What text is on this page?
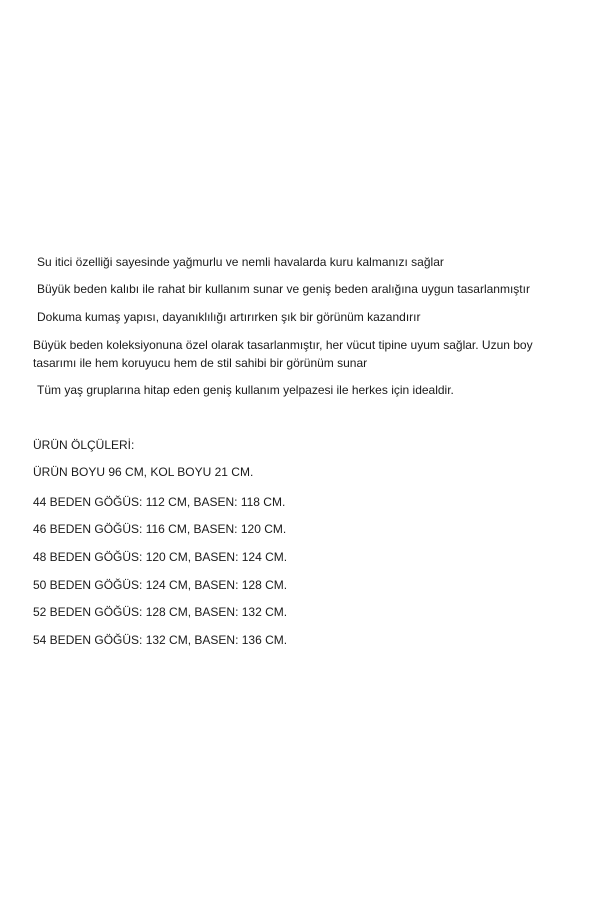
Su itici özelliği sayesinde yağmurlu ve nemli havalarda kuru kalmanızı sağlar
Büyük beden kalıbı ile rahat bir kullanım sunar ve geniş beden aralığına uygun tasarlanmıştır
Dokuma kumaş yapısı, dayanıklılığı artırırken şık bir görünüm kazandırır
Büyük beden koleksiyonuna özel olarak tasarlanmıştır, her vücut tipine uyum sağlar. Uzun boy tasarımı ile hem koruyucu hem de stil sahibi bir görünüm sunar
Tüm yaş gruplarına hitap eden geniş kullanım yelpazesi ile herkes için idealdir.
ÜRÜN ÖLÇÜLERİ:
ÜRÜN BOYU 96 CM, KOL BOYU 21 CM.
44 BEDEN GÖĞÜS: 112 CM, BASEN: 118 CM.
46 BEDEN GÖĞÜS: 116 CM, BASEN: 120 CM.
48 BEDEN GÖĞÜS: 120 CM, BASEN: 124 CM.
50 BEDEN GÖĞÜS: 124 CM, BASEN: 128 CM.
52 BEDEN GÖĞÜS: 128 CM, BASEN: 132 CM.
54 BEDEN GÖĞÜS: 132 CM, BASEN: 136 CM.
